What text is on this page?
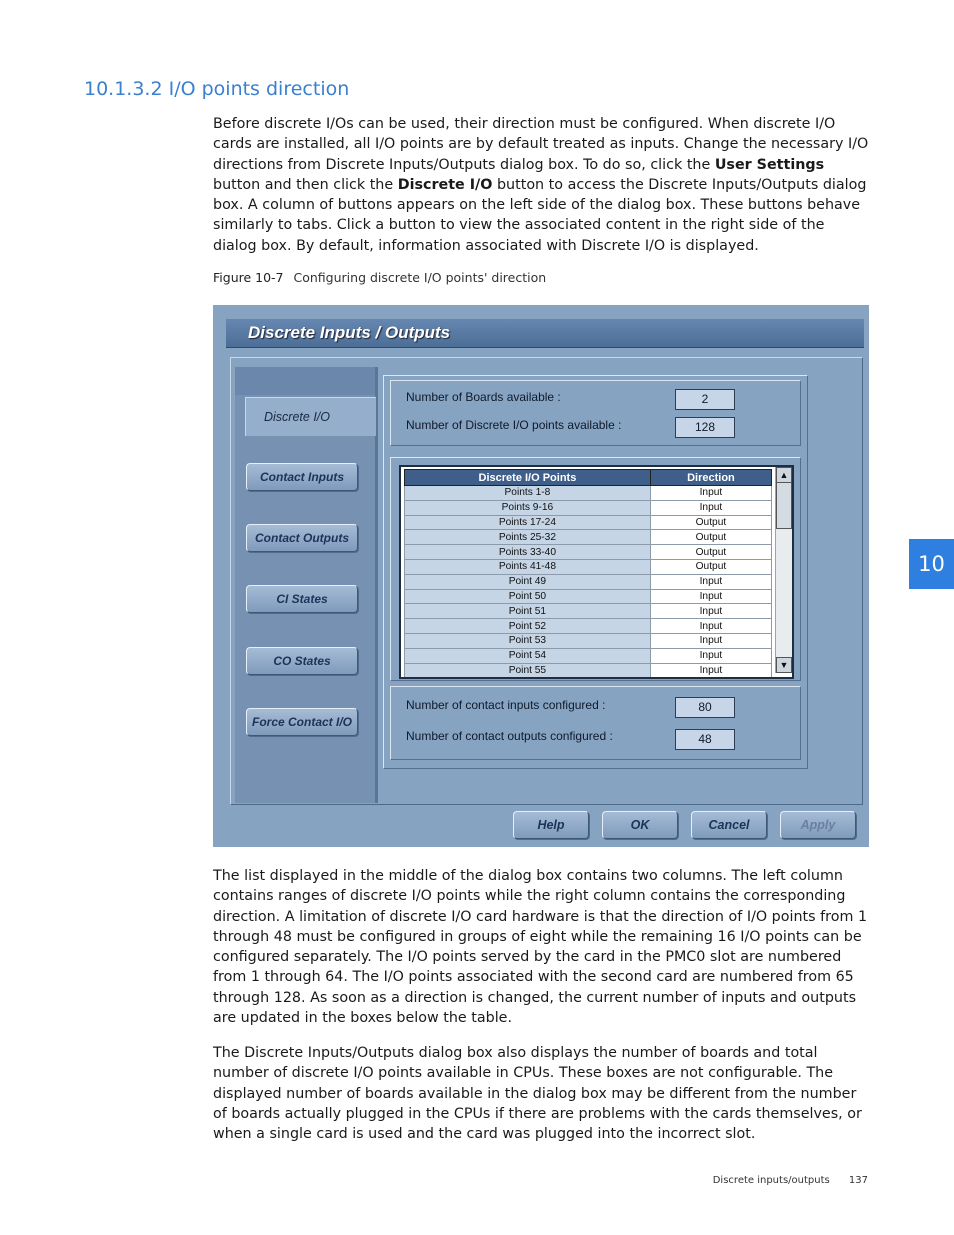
10.1.3.2 I/O points direction

Before discrete I/Os can be used, their direction must be configured. When discrete I/O cards are installed, all I/O points are by default treated as inputs. Change the necessary I/O directions from Discrete Inputs/Outputs dialog box. To do so, click the User Settings button and then click the Discrete I/O button to access the Discrete Inputs/Outputs dialog box. A column of buttons appears on the left side of the dialog box. These buttons behave similarly to tabs. Click a button to view the associated content in the right side of the dialog box. By default, information associated with Discrete I/O is displayed.

Figure 10-7 Configuring discrete I/O points' direction
Discrete Inputs / Outputs
Discrete I/O
Contact Inputs
Contact Outputs
CI States
CO States
Force Contact I/O
Number of Boards available :	2
Number of Discrete I/O points available :	128
Discrete I/O Points	Direction
Points 1-8	Input
Points 9-16	Input
Points 17-24	Output
Points 25-32	Output
Points 33-40	Output
Points 41-48	Output
Point 49	Input
Point 50	Input
Point 51	Input
Point 52	Input
Point 53	Input
Point 54	Input
Point 55	Input
▲
▼
Number of contact inputs configured :	80
Number of contact outputs configured :	48
Help	OK	Cancel	Apply

The list displayed in the middle of the dialog box contains two columns. The left column contains ranges of discrete I/O points while the right column contains the corresponding direction. A limitation of discrete I/O card hardware is that the direction of I/O points from 1 through 48 must be configured in groups of eight while the remaining 16 I/O points can be configured separately. The I/O points served by the card in the PMC0 slot are numbered from 1 through 64. The I/O points associated with the second card are numbered from 65 through 128. As soon as a direction is changed, the current number of inputs and outputs are updated in the boxes below the table.

The Discrete Inputs/Outputs dialog box also displays the number of boards and total number of discrete I/O points available in CPUs. These boxes are not configurable. The displayed number of boards available in the dialog box may be different from the number of boards actually plugged in the CPUs if there are problems with the cards themselves, or when a single card is used and the card was plugged into the incorrect slot.

10
Discrete inputs/outputs 137
